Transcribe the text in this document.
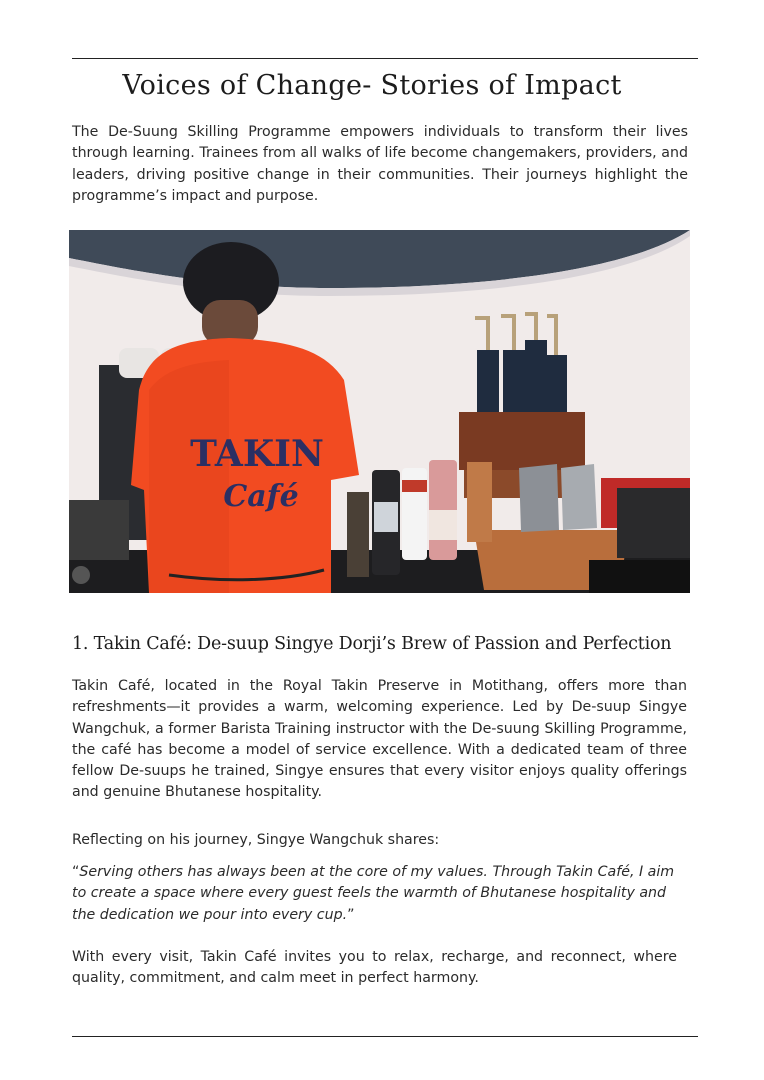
Voices of Change- Stories of Impact

The De-Suung Skilling Programme empowers individuals to transform their lives through learning. Trainees from all walks of life become changemakers, providers, and leaders, driving positive change in their communities. Their journeys highlight the programme’s impact and purpose.

TAKIN
Café
1. Takin Café: De-suup Singye Dorji’s Brew of Passion and Perfection

Takin Café, located in the Royal Takin Preserve in Motithang, offers more than refreshments—it provides a warm, welcoming experience. Led by De-suup Singye Wangchuk, a former Barista Training instructor with the De-suung Skilling Programme, the café has become a model of service excellence. With a dedicated team of three fellow De-suups he trained, Singye ensures that every visitor enjoys quality offerings and genuine Bhutanese hospitality.

Reflecting on his journey, Singye Wangchuk shares:

“Serving others has always been at the core of my values. Through Takin Café, I aim to create a space where every guest feels the warmth of Bhutanese hospitality and the dedication we pour into every cup.”

With every visit, Takin Café invites you to relax, recharge, and reconnect, where quality, commitment, and calm meet in perfect harmony.
